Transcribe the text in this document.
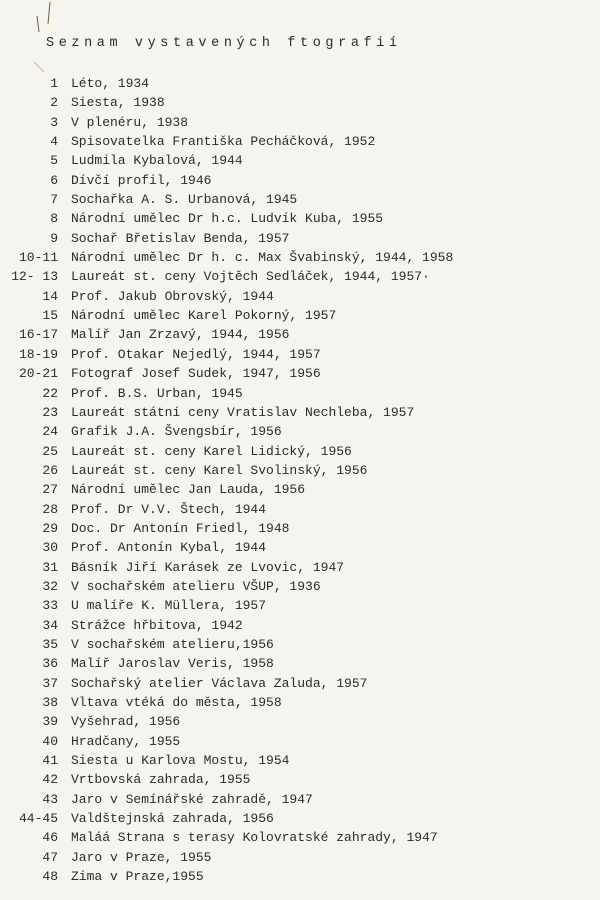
Seznam vystavených ftografií
1 Léto, 1934
2 Siesta, 1938
3 V plenéru, 1938
4 Spisovatelka Františka Pecháčková, 1952
5 Ludmila Kybalová, 1944
6 Dívčí profil, 1946
7 Sochařka A. S. Urbanová, 1945
8 Národní umělec Dr h.c. Ludvík Kuba, 1955
9 Sochař Břetislav Benda, 1957
10-11 Národní umělec Dr h. c. Max Švabinský, 1944, 1958
12- 13 Laureát st. ceny Vojtěch Sedláček, 1944, 1957·
14 Prof. Jakub Obrovský, 1944
15 Národní umělec Karel Pokorný, 1957
16-17 Malíř Jan Zrzavý, 1944, 1956
18-19 Prof. Otakar Nejedlý, 1944, 1957
20-21 Fotograf Josef Sudek, 1947, 1956
22 Prof. B.S. Urban, 1945
23 Laureát státní ceny Vratislav Nechleba, 1957
24 Grafik J.A. Švengsbír, 1956
25 Laureát st. ceny Karel Lidický, 1956
26 Laureát st. ceny Karel Svolinský, 1956
27 Národní umělec Jan Lauda, 1956
28 Prof. Dr V.V. Štech, 1944
29 Doc. Dr Antonín Friedl, 1948
30 Prof. Antonín Kybal, 1944
31 Básník Jiří Karásek ze Lvovic, 1947
32 V sochařském atelieru VŠUP, 1936
33 U malíře K. Müllera, 1957
34 Strážce hřbitova, 1942
35 V sochařském atelieru,1956
36 Malíř Jaroslav Veris, 1958
37 Sochařský atelier Václava Zaluda, 1957
38 Vltava vtéká do města, 1958
39 Vyšehrad, 1956
40 Hradčany, 1955
41 Siesta u Karlova Mostu, 1954
42 Vrtbovská zahrada, 1955
43 Jaro v Semínářské zahradě, 1947
44-45 Valdštejnská zahrada, 1956
46 Maláá Strana s terasy Kolovratské zahrady, 1947
47 Jaro v Praze, 1955
48 Zima v Praze,1955
